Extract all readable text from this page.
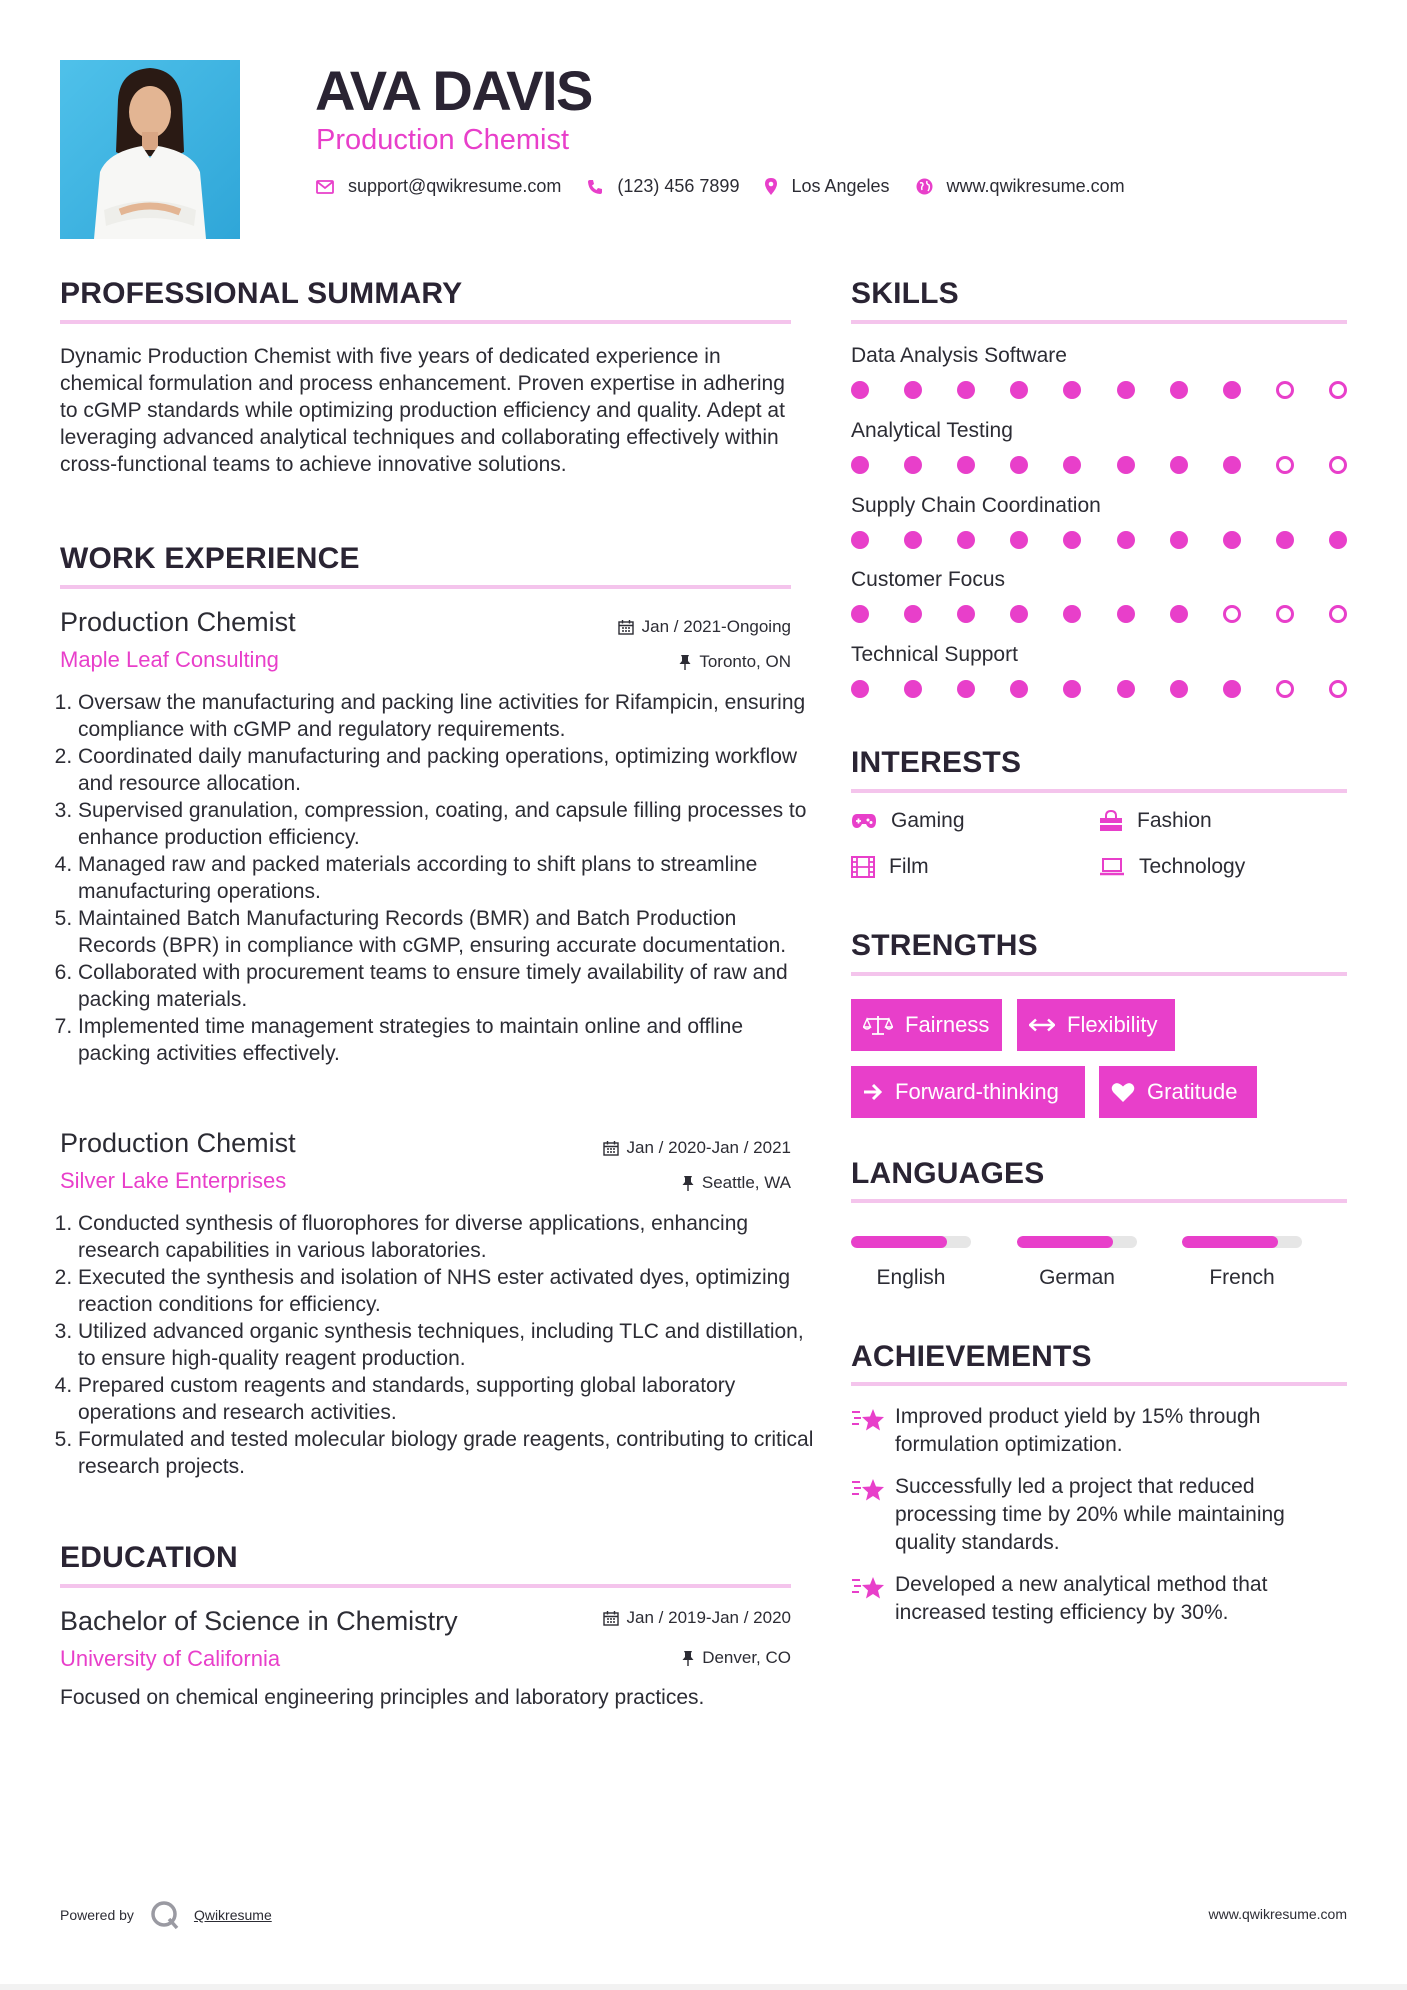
AVA DAVIS
Production Chemist
support@qwikresume.com	(123) 456 7899	Los Angeles	www.qwikresume.com
PROFESSIONAL SUMMARY
Dynamic Production Chemist with five years of dedicated experience in chemical formulation and process enhancement. Proven expertise in adhering to cGMP standards while optimizing production efficiency and quality. Adept at leveraging advanced analytical techniques and collaborating effectively within cross-functional teams to achieve innovative solutions.
WORK EXPERIENCE
Production Chemist
Maple Leaf Consulting
Jan / 2021-Ongoing
Toronto, ON
1. Oversaw the manufacturing and packing line activities for Rifampicin, ensuring compliance with cGMP and regulatory requirements.
2. Coordinated daily manufacturing and packing operations, optimizing workflow and resource allocation.
3. Supervised granulation, compression, coating, and capsule filling processes to enhance production efficiency.
4. Managed raw and packed materials according to shift plans to streamline manufacturing operations.
5. Maintained Batch Manufacturing Records (BMR) and Batch Production Records (BPR) in compliance with cGMP, ensuring accurate documentation.
6. Collaborated with procurement teams to ensure timely availability of raw and packing materials.
7. Implemented time management strategies to maintain online and offline packing activities effectively.
Production Chemist
Silver Lake Enterprises
Jan / 2020-Jan / 2021
Seattle, WA
1. Conducted synthesis of fluorophores for diverse applications, enhancing research capabilities in various laboratories.
2. Executed the synthesis and isolation of NHS ester activated dyes, optimizing reaction conditions for efficiency.
3. Utilized advanced organic synthesis techniques, including TLC and distillation, to ensure high-quality reagent production.
4. Prepared custom reagents and standards, supporting global laboratory operations and research activities.
5. Formulated and tested molecular biology grade reagents, contributing to critical research projects.
EDUCATION
Bachelor of Science in Chemistry
University of California
Jan / 2019-Jan / 2020
Denver, CO
Focused on chemical engineering principles and laboratory practices.
SKILLS
Data Analysis Software
Analytical Testing
Supply Chain Coordination
Customer Focus
Technical Support
INTERESTS
Gaming	Fashion
Film	Technology
STRENGTHS
Fairness	Flexibility
Forward-thinking	Gratitude
LANGUAGES
English	German	French
ACHIEVEMENTS
Improved product yield by 15% through formulation optimization.
Successfully led a project that reduced processing time by 20% while maintaining quality standards.
Developed a new analytical method that increased testing efficiency by 30%.
Powered by	Qwikresume	www.qwikresume.com
